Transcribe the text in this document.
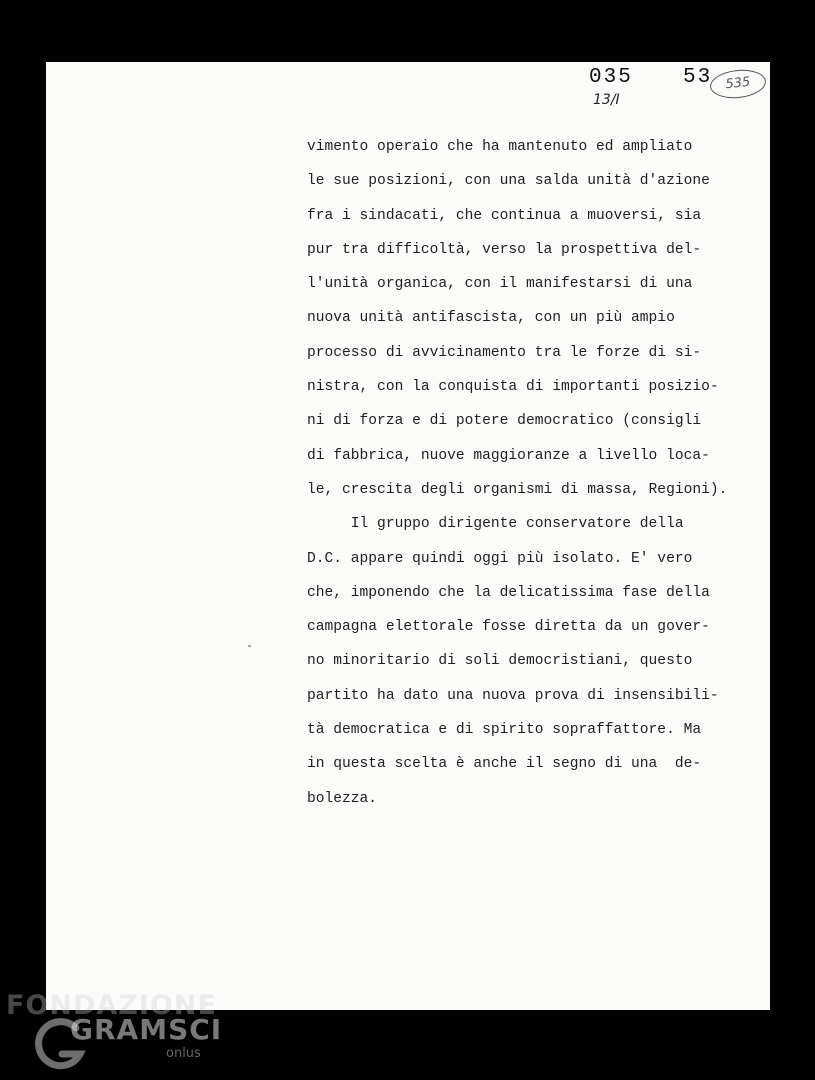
035 53 535
13/I
vimento operaio che ha mantenuto ed ampliato
le sue posizioni, con una salda unità d'azione
fra i sindacati, che continua a muoversi, sia
pur tra difficoltà, verso la prospettiva del-
l'unità organica, con il manifestarsi di una
nuova unità antifascista, con un più ampio
processo di avvicinamento tra le forze di si-
nistra, con la conquista di importanti posizio-
ni di forza e di potere democratico (consigli
di fabbrica, nuove maggioranze a livello loca-
le, crescita degli organismi di massa, Regioni).
Il gruppo dirigente conservatore della
D.C. appare quindi oggi più isolato. E' vero
che, imponendo che la delicatissima fase della
campagna elettorale fosse diretta da un gover-
no minoritario di soli democristiani, questo
partito ha dato una nuova prova di insensibili-
tà democratica e di spirito sopraffattore. Ma
in questa scelta è anche il segno di una  de-
bolezza.
FONDAZIONE
GRAMSCI
onlus
